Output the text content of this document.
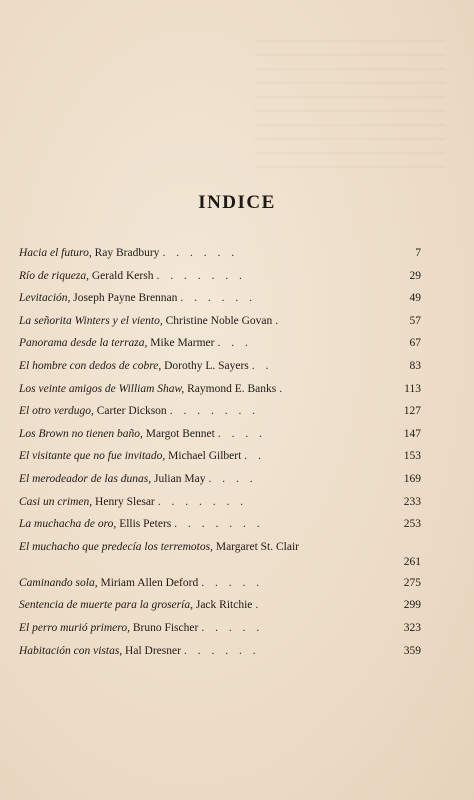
INDICE
Hacia el futuro, Ray Bradbury . . . . . .	7
Río de riqueza, Gerald Kersh . . . . . . .	29
Levitación, Joseph Payne Brennan . . . . . .	49
La señorita Winters y el viento, Christine Noble Govan .	57
Panorama desde la terraza, Mike Marmer . . .	67
El hombre con dedos de cobre, Dorothy L. Sayers . .	83
Los veinte amigos de William Shaw, Raymond E. Banks .	113
El otro verdugo, Carter Dickson . . . . . . .	127
Los Brown no tienen baño, Margot Bennet . . . .	147
El visitante que no fue invitado, Michael Gilbert . .	153
El merodeador de las dunas, Julian May . . . .	169
Casi un crimen, Henry Slesar . . . . . . .	233
La muchacha de oro, Ellis Peters . . . . . . .	253
El muchacho que predecía los terremotos, Margaret St. Clair
261
Caminando sola, Miriam Allen Deford . . . . .	275
Sentencia de muerte para la grosería, Jack Ritchie .	299
El perro murió primero, Bruno Fischer . . . . .	323
Habitación con vistas, Hal Dresner . . . . . .	359
